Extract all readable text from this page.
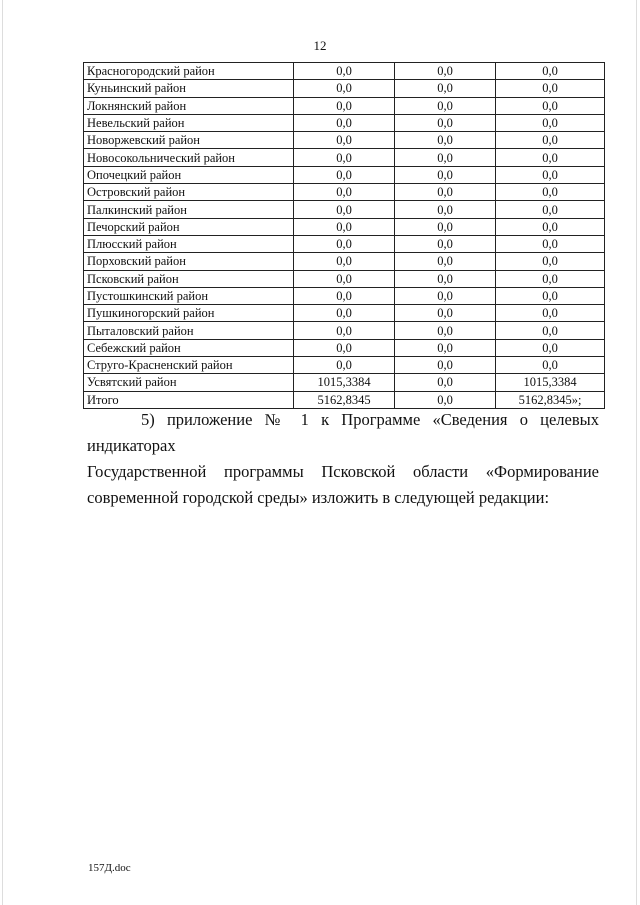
12
Красногородский район	0,0	0,0	0,0
Куньинский район	0,0	0,0	0,0
Локнянский район	0,0	0,0	0,0
Невельский район	0,0	0,0	0,0
Новоржевский район	0,0	0,0	0,0
Новосокольнический район	0,0	0,0	0,0
Опочецкий район	0,0	0,0	0,0
Островский район	0,0	0,0	0,0
Палкинский район	0,0	0,0	0,0
Печорский район	0,0	0,0	0,0
Плюсский район	0,0	0,0	0,0
Порховский район	0,0	0,0	0,0
Псковский район	0,0	0,0	0,0
Пустошкинский район	0,0	0,0	0,0
Пушкиногорский район	0,0	0,0	0,0
Пыталовский район	0,0	0,0	0,0
Себежский район	0,0	0,0	0,0
Струго-Красненский район	0,0	0,0	0,0
Усвятский район	1015,3384	0,0	1015,3384
Итого	5162,8345	0,0	5162,8345»;
5) приложение № 1 к Программе «Сведения о целевых индикаторах
Государственной программы Псковской области «Формирование
современной городской среды» изложить в следующей редакции:
157Д.doc
